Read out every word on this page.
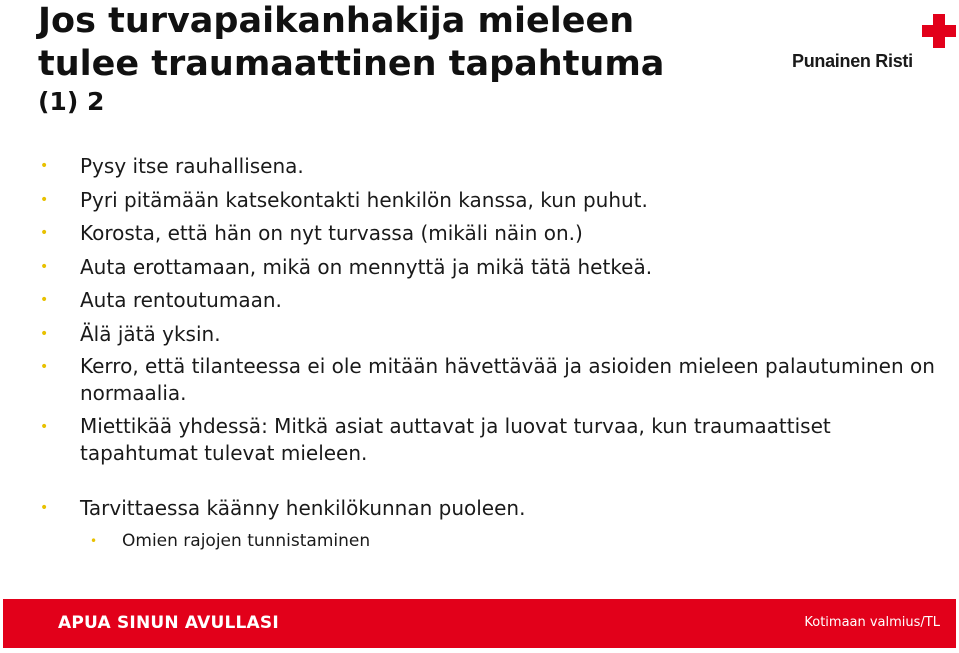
Jos turvapaikanhakija mieleen
tulee traumaattinen tapahtuma
(1) 2
Punainen Risti
• Pysy itse rauhallisena.
• Pyri pitämään katsekontakti henkilön kanssa, kun puhut.
• Korosta, että hän on nyt turvassa (mikäli näin on.)
• Auta erottamaan, mikä on mennyttä ja mikä tätä hetkeä.
• Auta rentoutumaan.
• Älä jätä yksin.
• Kerro, että tilanteessa ei ole mitään hävettävää ja asioiden mieleen palautuminen on normaalia.
• Miettikää yhdessä: Mitkä asiat auttavat ja luovat turvaa, kun traumaattiset tapahtumat tulevat mieleen.
• Tarvittaessa käänny henkilökunnan puoleen.
• Omien rajojen tunnistaminen
APUA SINUN AVULLASI	Kotimaan valmius/TL
